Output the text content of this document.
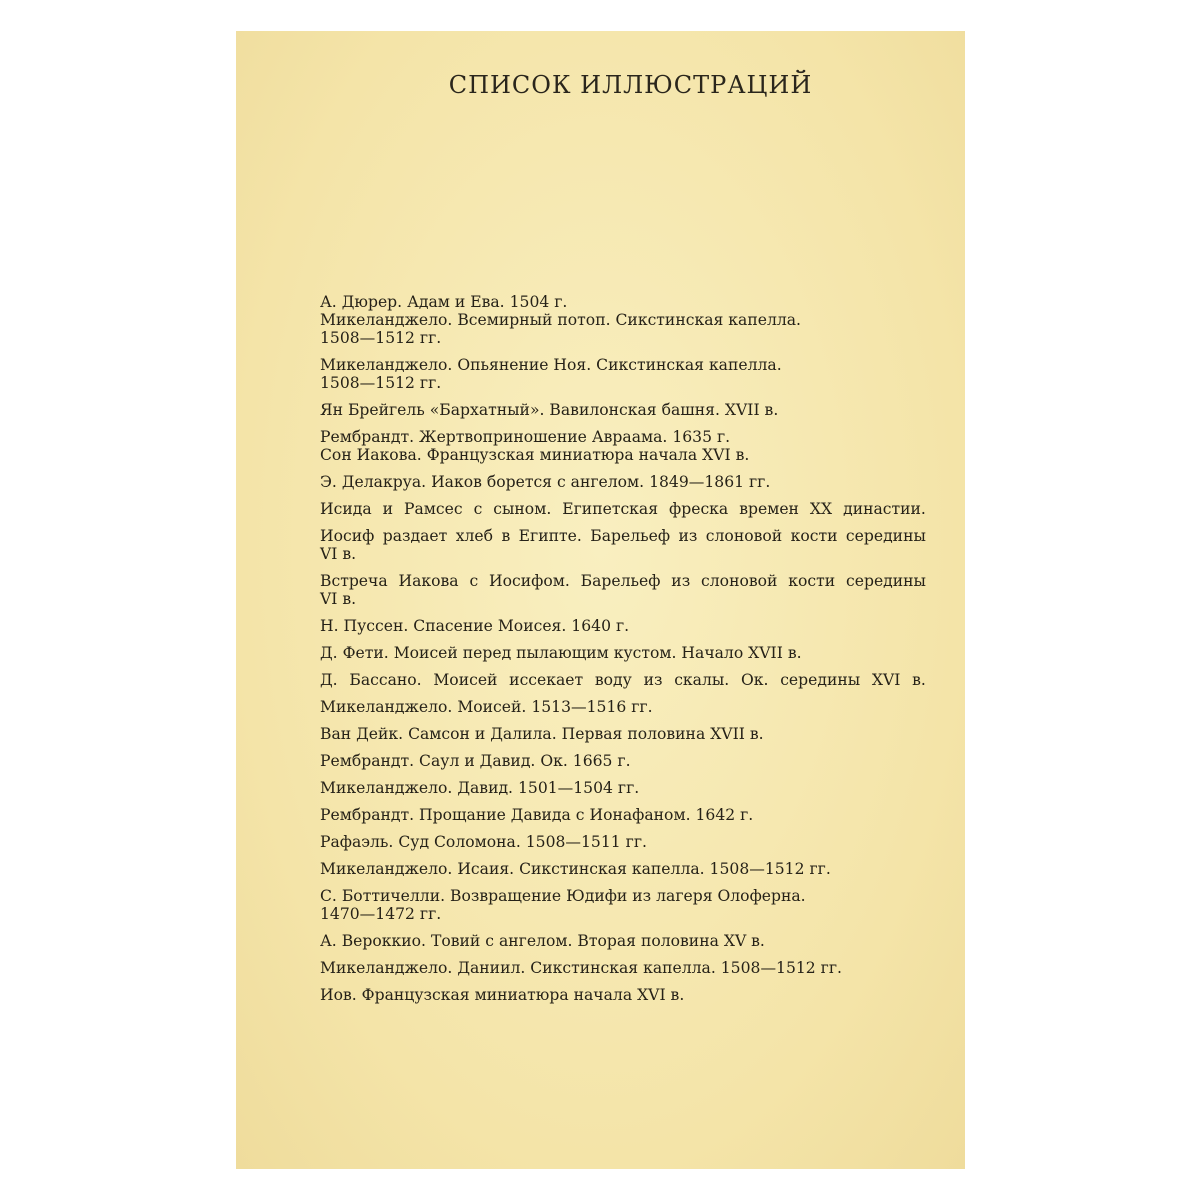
СПИСОК ИЛЛЮСТРАЦИЙ
А. Дюрер. Адам и Ева. 1504 г.
Микеланджело. Всемирный потоп. Сикстинская капелла.
1508—1512 гг.
Микеланджело. Опьянение Ноя. Сикстинская капелла.
1508—1512 гг.
Ян Брейгель «Бархатный». Вавилонская башня. XVII в.
Рембрандт. Жертвоприношение Авраама. 1635 г.
Сон Иакова. Французская миниатюра начала XVI в.
Э. Делакруа. Иаков борется с ангелом. 1849—1861 гг.
Исида и Рамсес с сыном. Египетская фреска времен XX династии.
Иосиф раздает хлеб в Египте. Барельеф из слоновой кости середины
VI в.
Встреча Иакова с Иосифом. Барельеф из слоновой кости середины
VI в.
Н. Пуссен. Спасение Моисея. 1640 г.
Д. Фети. Моисей перед пылающим кустом. Начало XVII в.
Д. Бассано. Моисей иссекает воду из скалы. Ок. середины XVI в.
Микеланджело. Моисей. 1513—1516 гг.
Ван Дейк. Самсон и Далила. Первая половина XVII в.
Рембрандт. Саул и Давид. Ок. 1665 г.
Микеланджело. Давид. 1501—1504 гг.
Рембрандт. Прощание Давида с Ионафаном. 1642 г.
Рафаэль. Суд Соломона. 1508—1511 гг.
Микеланджело. Исаия. Сикстинская капелла. 1508—1512 гг.
С. Боттичелли. Возвращение Юдифи из лагеря Олоферна.
1470—1472 гг.
А. Вероккио. Товий с ангелом. Вторая половина XV в.
Микеланджело. Даниил. Сикстинская капелла. 1508—1512 гг.
Иов. Французская миниатюра начала XVI в.
